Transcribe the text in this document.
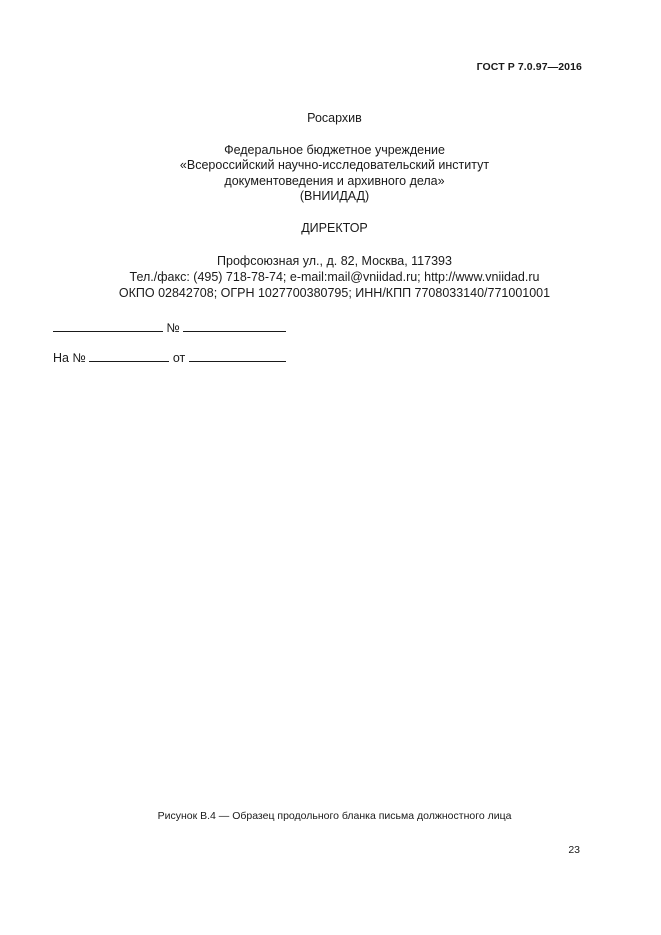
ГОСТ Р 7.0.97—2016
Росархив
Федеральное бюджетное учреждение
«Всероссийский научно-исследовательский институт
документоведения и архивного дела»
(ВНИИДАД)
ДИРЕКТОР
Профсоюзная ул., д. 82, Москва, 117393
Тел./факс: (495) 718-78-74; e-mail:mail@vniidad.ru; http://www.vniidad.ru
ОКПО 02842708; ОГРН 1027700380795; ИНН/КПП 7708033140/771001001
№
На №	от
Рисунок В.4 — Образец продольного бланка письма должностного лица
23
